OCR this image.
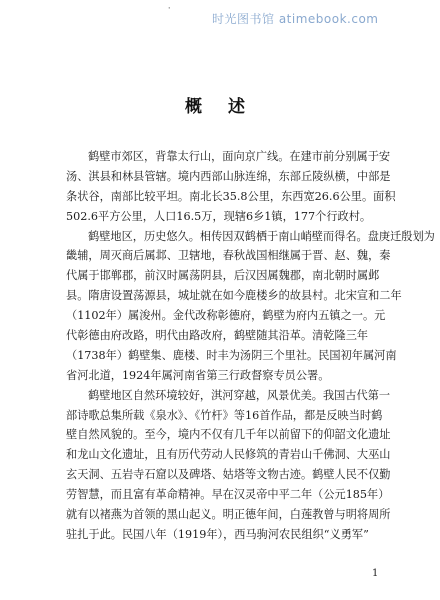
时光图书馆 atimebook.com
·
概 述
鹤壁市郊区，背靠太行山，面向京广线。在建市前分别属于安
汤、淇县和林县管辖。境内西部山脉连绵，东部丘陵纵横，中部是
条状谷，南部比较平坦。南北长35.8公里，东西宽26.6公里。面积
502.6平方公里，人口16.5万，现辖6乡1镇，177个行政村。
鹤壁地区，历史悠久。相传因双鹤栖于南山峭壁而得名。盘庚迁殷划为
畿辅，周灭商后属邶、卫辖地，春秋战国相继属于晋、赵、魏，秦
代属于邯郸郡，前汉时属荡阴县，后汉因属魏郡，南北朝时属邺
县。隋唐设置荡源县，城址就在如今鹿楼乡的故县村。北宋宣和二年
（1102年）属浚州。金代改称彰德府，鹤壁为府内五镇之一。元
代彰德由府改路，明代由路改府，鹤壁随其沿革。清乾隆三年
（1738年）鹤壁集、鹿楼、时丰为汤阴三个里社。民国初年属河南
省河北道，1924年属河南省第三行政督察专员公署。
鹤壁地区自然环境较好，淇河穿越，风景优美。我国古代第一
部诗歌总集所载《泉水》、《竹杆》等16首作品，都是反映当时鹤
壁自然风貌的。至今，境内不仅有几千年以前留下的仰韶文化遗址
和龙山文化遗址，且有历代劳动人民修筑的青岩山千佛洞、大巫山
玄天洞、五岩寺石窟以及碑塔、姑塔等文物古迹。鹤壁人民不仅勤
劳智慧，而且富有革命精神。早在汉灵帝中平二年（公元185年）
就有以褚燕为首领的黑山起义。明正德年间，白莲教曾与明将周所
驻扎于此。民国八年（1919年），西马驹河农民组织“义勇军”
1
